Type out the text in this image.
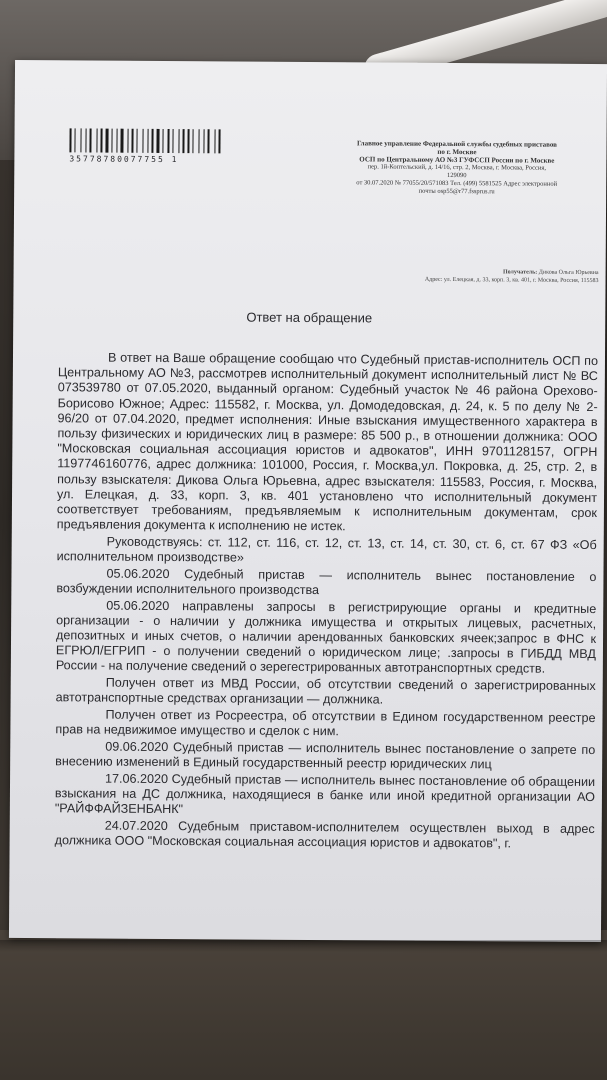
35778780077755 1
Главное управление Федеральной службы судебных приставов
по г. Москве
ОСП по Центральному АО №3 ГУФССП России по г. Москве
пер. 1й-Коптельский, д. 14/16, стр. 2, Москва, г. Москва, Россия,
129090
от 30.07.2020 № 77055/20/571083 Тел. (499) 5581525 Адрес электронной
почты osp55@r77.fssprus.ru
Получатель: Дикова Ольга Юрьевна
Адрес: ул. Елецкая, д. 33, корп. 3, кв. 401, г. Москва, Россия, 115583
Ответ на обращение

В ответ на Ваше обращение сообщаю что Судебный пристав-исполнитель ОСП по Центральному АО №3, рассмотрев исполнительный документ исполнительный лист № ВС 073539780 от 07.05.2020, выданный органом: Судебный участок № 46 района Орехово-Борисово Южное; Адрес: 115582, г. Москва, ул. Домодедовская, д. 24, к. 5 по делу № 2-96/20 от 07.04.2020, предмет исполнения: Иные взыскания имущественного характера в пользу физических и юридических лиц в размере: 85 500 р., в отношении должника: ООО "Московская социальная ассоциация юристов и адвокатов", ИНН 9701128157, ОГРН 1197746160776, адрес должника: 101000, Россия, г. Москва,ул. Покровка, д. 25, стр. 2, в пользу взыскателя: Дикова Ольга Юрьевна, адрес взыскателя: 115583, Россия, г. Москва, ул. Елецкая, д. 33, корп. 3, кв. 401 установлено что исполнительный документ соответствует требованиям, предъявляемым к исполнительным документам, срок предъявления документа к исполнению не истек.

Руководствуясь: ст. 112, ст. 116, ст. 12, ст. 13, ст. 14, ст. 30, ст. 6, ст. 67 ФЗ «Об исполнительном производстве»

05.06.2020 Судебный пристав — исполнитель вынес постановление о возбуждении исполнительного производства

05.06.2020 направлены запросы в регистрирующие органы и кредитные организации - о наличии у должника имущества и открытых лицевых, расчетных, депозитных и иных счетов, о наличии арендованных банковских ячеек;запрос в ФНС к ЕГРЮЛ/ЕГРИП - о получении сведений о юридическом лице; .запросы в ГИБДД МВД России - на получение сведений о зерегестрированных автотранспортных средств.

Получен ответ из МВД России, об отсутствии сведений о зарегистрированных автотранспортные средствах организации — должника.

Получен ответ из Росреестра, об отсутствии в Едином государственном реестре прав на недвижимое имущество и сделок с ним.

09.06.2020 Судебный пристав — исполнитель вынес постановление о запрете по внесению изменений в Единый государственный реестр юридических лиц

17.06.2020 Судебный пристав — исполнитель вынес постановление об обращении взыскания на ДС должника, находящиеся в банке или иной кредитной организации АО "РАЙФФАЙЗЕНБАНК"

24.07.2020 Судебным приставом-исполнителем осуществлен выход в адрес должника ООО "Московская социальная ассоциация юристов и адвокатов", г.
